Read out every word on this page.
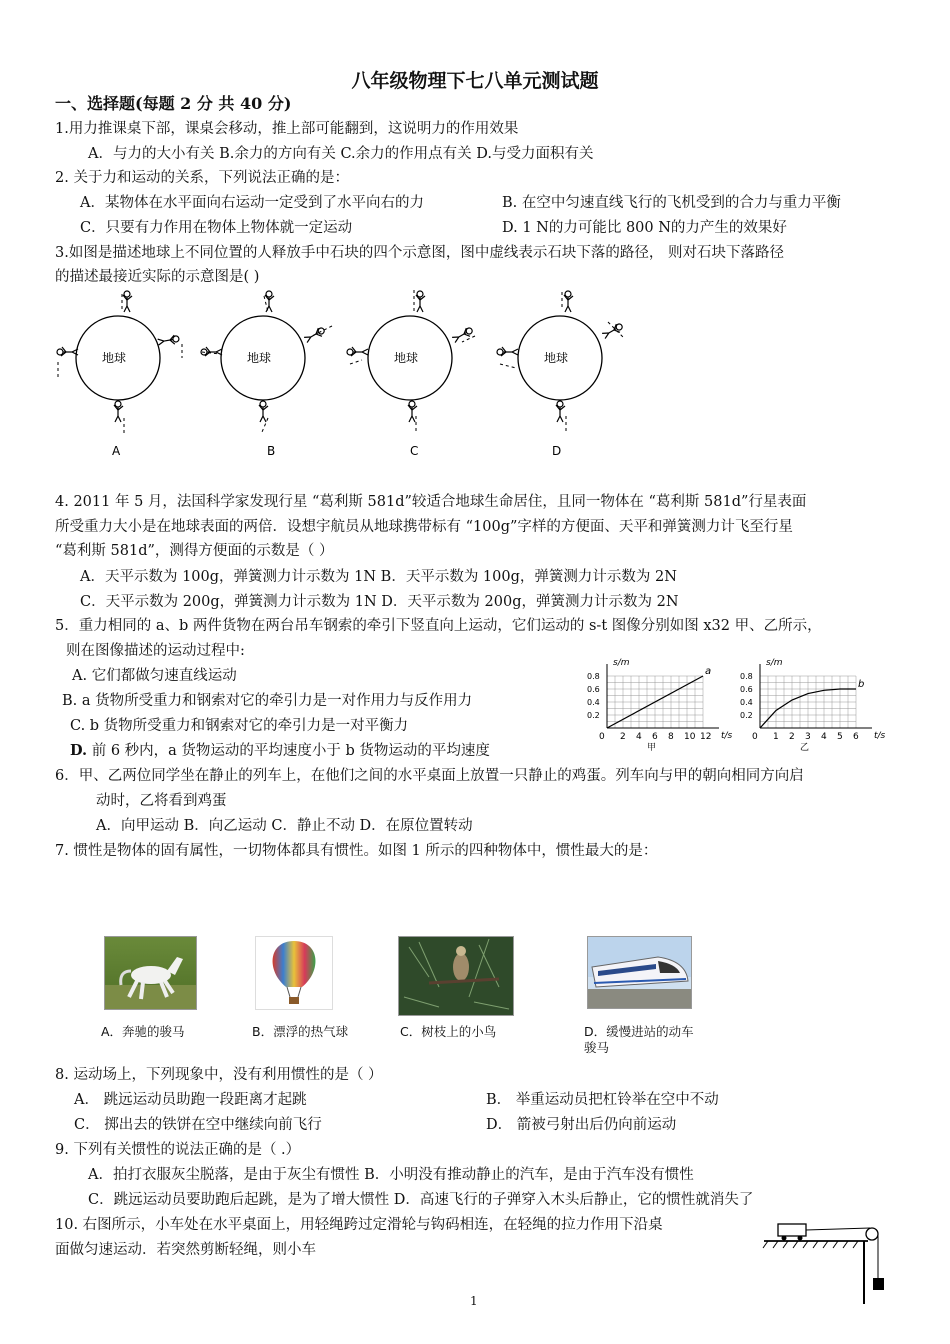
八年级物理下七八单元测试题
一、选择题(每题 2 分 共 40 分)
1.用力推课桌下部，课桌会移动，推上部可能翻到，这说明力的作用效果
A．与力的大小有关 B.余力的方向有关 C.余力的作用点有关 D.与受力面积有关
2. 关于力和运动的关系，下列说法正确的是：
A．某物体在水平面向右运动一定受到了水平向右的力	B. 在空中匀速直线飞行的飞机受到的合力与重力平衡
C．只要有力作用在物体上物体就一定运动	D. 1 N的力可能比 800 N的力产生的效果好
3.如图是描述地球上不同位置的人释放手中石块的四个示意图，图中虚线表示石块下落的路径， 则对石块下落路径
的描述最接近实际的示意图是( )
地球
A
地球
B
地球
C
地球
D
4. 2011 年 5 月，法国科学家发现行星 “葛利斯 581d”较适合地球生命居住，且同一物体在 “葛利斯 581d”行星表面
所受重力大小是在地球表面的两倍．设想宇航员从地球携带标有 “100g”字样的方便面、天平和弹簧测力计飞至行星
“葛利斯 581d”，测得方便面的示数是（ ）
A．天平示数为 100g，弹簧测力计示数为 1N B．天平示数为 100g，弹簧测力计示数为 2N
C．天平示数为 200g，弹簧测力计示数为 1N D．天平示数为 200g，弹簧测力计示数为 2N
5．重力相同的 a、b 两件货物在两台吊车钢索的牵引下竖直向上运动，它们运动的 s-t 图像分别如图 x32 甲、乙所示，
则在图像描述的运动过程中:
A. 它们都做匀速直线运动
B. a 货物所受重力和钢索对它的牵引力是一对作用力与反作用力
C. b 货物所受重力和钢索对它的牵引力是一对平衡力
D. 前 6 秒内，a 货物运动的平均速度小于 b 货物运动的平均速度
2 4 6 8 10 12
0.2
0.4
0.6
0.8
0
s/m
t/s
甲
a
1 2 3 4 5 6
0.2
0.4
0.6
0.8
0
s/m
t/s
乙
b
6．甲、乙两位同学坐在静止的列车上，在他们之间的水平桌面上放置一只静止的鸡蛋。列车向与甲的朝向相同方向启
动时，乙将看到鸡蛋
A．向甲运动 B．向乙运动 C．静止不动 D．在原位置转动
7. 惯性是物体的固有属性，一切物体都具有惯性。如图 1 所示的四种物体中，惯性最大的是：
A．奔驰的骏马	B．漂浮的热气球	C．树枝上的小鸟	D．缓慢进站的动车
骏马
8. 运动场上，下列现象中，没有利用惯性的是（ ）
A． 跳远运动员助跑一段距离才起跳	B． 举重运动员把杠铃举在空中不动
C． 掷出去的铁饼在空中继续向前飞行	D． 箭被弓射出后仍向前运动
9. 下列有关惯性的说法正确的是（ .）
A．拍打衣服灰尘脱落，是由于灰尘有惯性 B．小明没有推动静止的汽车，是由于汽车没有惯性
C．跳远运动员要助跑后起跳，是为了增大惯性 D．高速飞行的子弹穿入木头后静止，它的惯性就消失了
10. 右图所示，小车处在水平桌面上，用轻绳跨过定滑轮与钩码相连，在轻绳的拉力作用下沿桌
面做匀速运动．若突然剪断轻绳，则小车
1
